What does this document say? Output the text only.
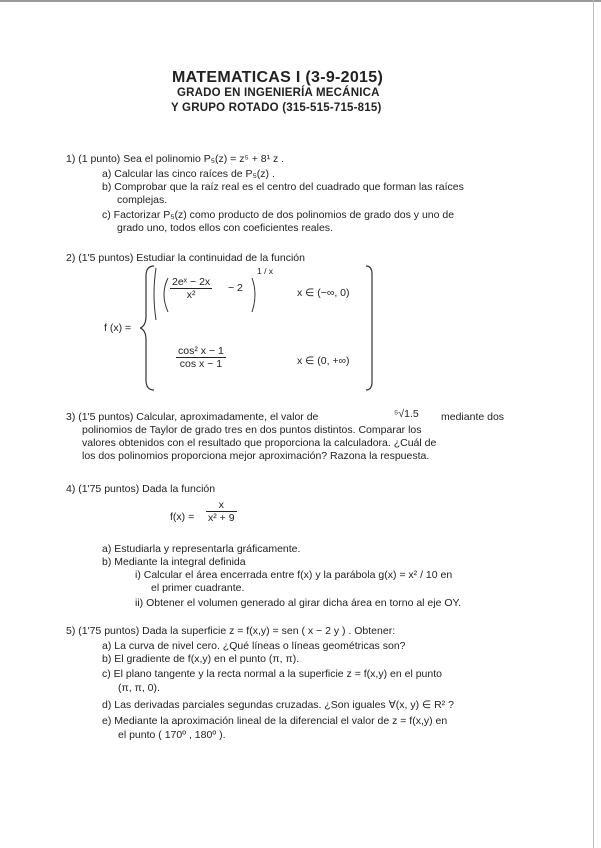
MATEMATICAS I (3-9-2015)
GRADO EN INGENIERÍA MECÁNICA
Y GRUPO ROTADO (315-515-715-815)
1) (1 punto) Sea el polinomio P₅(z) = z⁵ + 8¹ z .
a) Calcular las cinco raíces de P₅(z) .
b) Comprobar que la raíz real es el centro del cuadrado que forman las raíces
complejas.
c) Factorizar P₅(z) como producto de dos polinomios de grado dos y uno de
grado uno, todos ellos con coeficientes reales.
2) (1'5 puntos) Estudiar la continuidad de la función
f (x) =
$\frac{\text{2eˣ − 2x}}{\text{x²}} - 2$
1 / x
x ∈ (−∞, 0)
$\frac{\text{cos² x − 1}}{\text{cos x − 1}}$	x ∈ (0, +∞)
3) (1'5 puntos) Calcular, aproximadamente, el valor de	⁵√1.5 mediante dos
polinomios de Taylor de grado tres en dos puntos distintos. Comparar los
valores obtenidos con el resultado que proporciona la calculadora. ¿Cuál de
los dos polinomios proporciona mejor aproximación? Razona la respuesta.
4) (1'75 puntos) Dada la función
$f(x) = \frac{x}{\text{x² + 9}}$
a) Estudiarla y representarla gráficamente.
b) Mediante la integral definida
i) Calcular el área encerrada entre f(x) y la parábola g(x) = x² / 10 en
el primer cuadrante.
ii) Obtener el volumen generado al girar dicha área en torno al eje OY.
5) (1'75 puntos) Dada la superficie z = f(x,y) = sen ( x − 2 y ) . Obtener:
a) La curva de nivel cero. ¿Qué líneas o líneas geométricas son?
b) El gradiente de f(x,y) en el punto (π, π).
c) El plano tangente y la recta normal a la superficie z = f(x,y) en el punto
(π, π, 0).
d) Las derivadas parciales segundas cruzadas. ¿Son iguales ∀(x, y) ∈ R² ?
e) Mediante la aproximación lineal de la diferencial el valor de z = f(x,y) en
el punto ( 170º , 180º ).
